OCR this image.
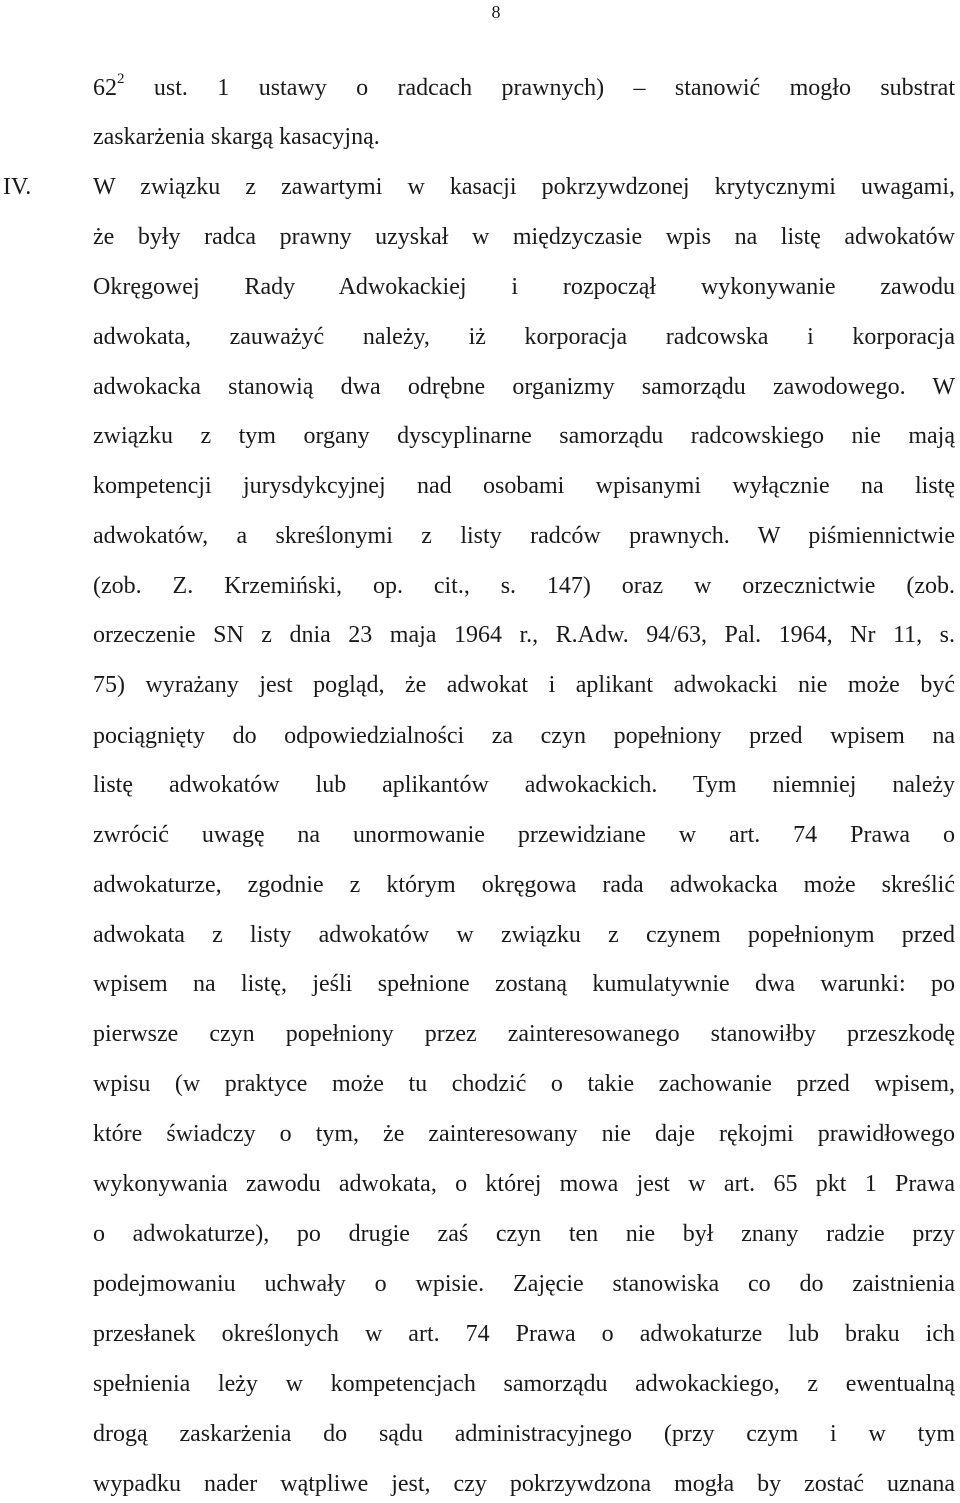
8
$62^2$ ust. 1 ustawy o radcach prawnych) – stanowić mogło substrat
zaskarżenia skargą kasacyjną.
IV.	W związku z zawartymi w kasacji pokrzywdzonej krytycznymi uwagami,
że były radca prawny uzyskał w międzyczasie wpis na listę adwokatów
Okręgowej Rady Adwokackiej i rozpoczął wykonywanie zawodu
adwokata, zauważyć należy, iż korporacja radcowska i korporacja
adwokacka stanowią dwa odrębne organizmy samorządu zawodowego. W
związku z tym organy dyscyplinarne samorządu radcowskiego nie mają
kompetencji jurysdykcyjnej nad osobami wpisanymi wyłącznie na listę
adwokatów, a skreślonymi z listy radców prawnych. W piśmiennictwie
(zob. Z. Krzemiński, op. cit., s. 147) oraz w orzecznictwie (zob.
orzeczenie SN z dnia 23 maja 1964 r., R.Adw. 94/63, Pal. 1964, Nr 11, s.
75) wyrażany jest pogląd, że adwokat i aplikant adwokacki nie może być
pociągnięty do odpowiedzialności za czyn popełniony przed wpisem na
listę adwokatów lub aplikantów adwokackich. Tym niemniej należy
zwrócić uwagę na unormowanie przewidziane w art. 74 Prawa o
adwokaturze, zgodnie z którym okręgowa rada adwokacka może skreślić
adwokata z listy adwokatów w związku z czynem popełnionym przed
wpisem na listę, jeśli spełnione zostaną kumulatywnie dwa warunki: po
pierwsze czyn popełniony przez zainteresowanego stanowiłby przeszkodę
wpisu (w praktyce może tu chodzić o takie zachowanie przed wpisem,
które świadczy o tym, że zainteresowany nie daje rękojmi prawidłowego
wykonywania zawodu adwokata, o której mowa jest w art. 65 pkt 1 Prawa
o adwokaturze), po drugie zaś czyn ten nie był znany radzie przy
podejmowaniu uchwały o wpisie. Zajęcie stanowiska co do zaistnienia
przesłanek określonych w art. 74 Prawa o adwokaturze lub braku ich
spełnienia leży w kompetencjach samorządu adwokackiego, z ewentualną
drogą zaskarżenia do sądu administracyjnego (przy czym i w tym
wypadku nader wątpliwe jest, czy pokrzywdzona mogła by zostać uznana
